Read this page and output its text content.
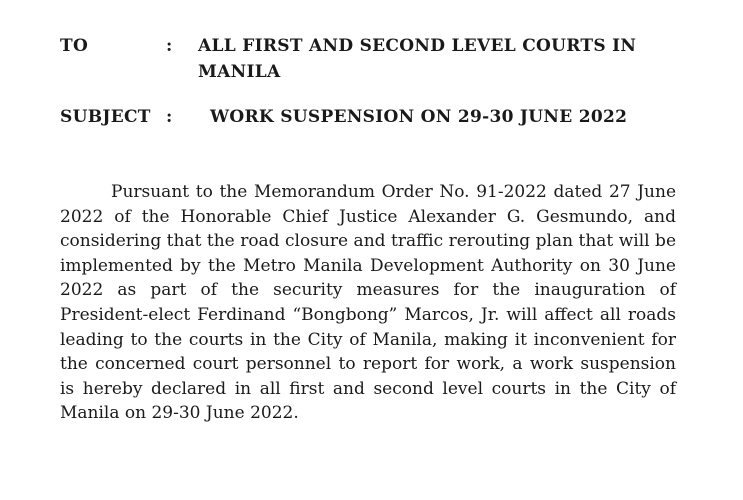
TO	: ALL FIRST AND SECOND LEVEL COURTS IN MANILA
SUBJECT : WORK SUSPENSION ON 29-30 JUNE 2022

Pursuant to the Memorandum Order No. 91-2022 dated 27 June 2022 of the Honorable Chief Justice Alexander G. Gesmundo, and considering that the road closure and traffic rerouting plan that will be implemented by the Metro Manila Development Authority on 30 June 2022 as part of the security measures for the inauguration of President-elect Ferdinand “Bongbong” Marcos, Jr. will affect all roads leading to the courts in the City of Manila, making it inconvenient for the concerned court personnel to report for work, a work suspension is hereby declared in all first and second level courts in the City of Manila on 29-30 June 2022.
